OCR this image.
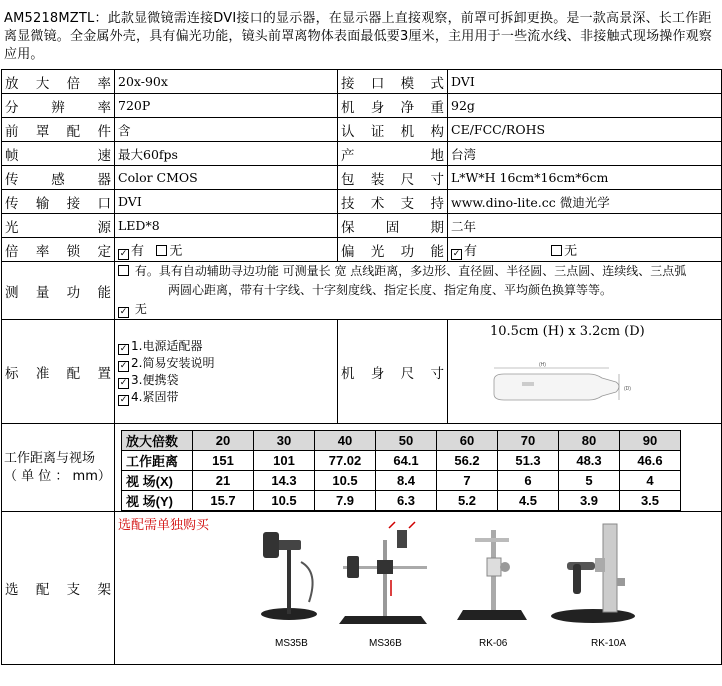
AM5218MZTL：此款显微镜需连接DVI接口的显示器，在显示器上直接观察，前罩可拆卸更换。是一款高景深、长工作距离显微镜。全金属外壳，具有偏光功能，镜头前罩离物体表面最低要3厘米，主用用于一些流水线、非接触式现场操作观察应用。
放 大 倍 率	20x-90x	接 口 模 式	DVI
分 辨 率	720P	机 身 净 重	92g
前 罩 配 件	含	认 证 机 构	CE/FCC/ROHS
帧 速	最大60fps	产 地	台湾
传 感 器	Color CMOS	包 装 尺 寸	L*W*H 16cm*16cm*6cm
传 输 接 口	DVI	技 术 支 持	www.dino-lite.cc 微迪光学
光 源	LED*8	保 固 期	二年
倍 率 锁 定	✓ 有 无	偏 光 功 能	✓ 有	无
测 量 功 能	
有。具有自动辅助寻边功能 可测量长 宽 点线距离，多边形、直径圆、半径圆、三点圆、连续线、三点弧
两圆心距离，带有十字线、十字刻度线、指定长度、指定角度、平均颜色换算等等。
✓ 无

标 准 配 置	
✓ 1.电源适配器
✓ 2.简易安装说明
✓ 3.便携袋
✓ 4.紧固带
	机 身 尺 寸	
10.5cm (H) x 3.2cm (D)
(H)
(D)

工作距离与视场
（ 单 位 ： mm）

放大倍数	20	30	40	50	60	70	80	90
工作距离	151	101	77.02	64.1	56.2	51.3	48.3	46.6
视 场(X)	21	14.3	10.5	8.4	7	6	5	4
视 场(Y)	15.7	10.5	7.9	6.3	5.2	4.5	3.9	3.5

选 配 支 架	
选配需单独购买
MS35B	MS36B	RK-06	RK-10A
